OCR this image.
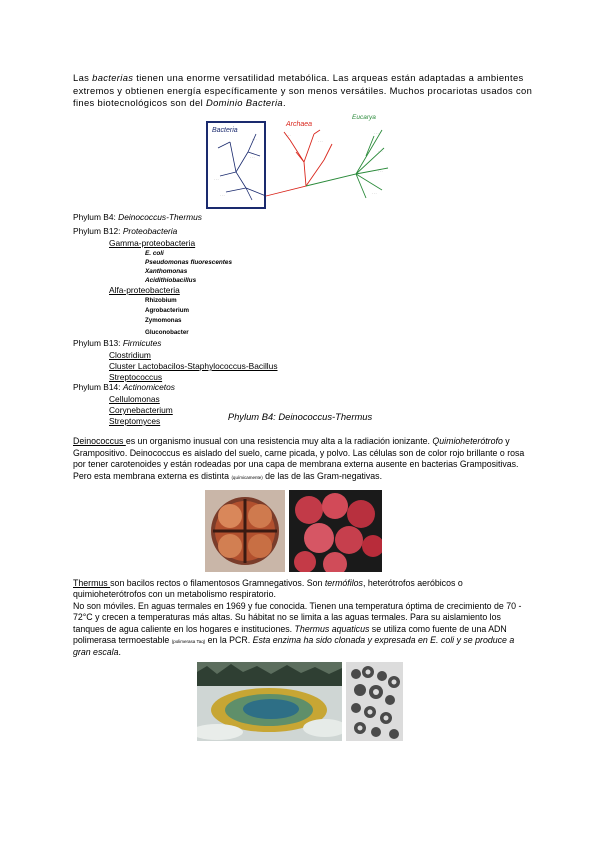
Las bacterias tienen una enorme versatilidad metabólica. Las arqueas están adaptadas a ambientes extremos y obtienen energía específicamente y son menos versátiles. Muchos procariotas usados con fines biotecnológicos son del Dominio Bacteria.
Bacteria
Archaea
Eucarya
. . .
. . .
. . .
. . .
. . .
. . .
. . .
. . .
. . .
. . .
Phylum B4: Deinococcus-Thermus
Phylum B12: Proteobacteria
Gamma-proteobacteria
E. coli
Pseudomonas fluorescentes
Xanthomonas
Acidithiobacillus
Alfa-proteobacteria
Rhizobium
Agrobacterium
Zymomonas
Gluconobacter
Phylum B13: Firmicutes
Clostridium
Cluster Lactobacilos-Staphylococcus-Bacillus
Streptococcus
Phylum B14: Actinomicetos
Cellulomonas
Corynebacterium
Streptomyces	Phylum B4: Deinococcus-Thermus
Deinococcus es un organismo inusual con una resistencia muy alta a la radiación ionizante. Quimioheterótrofo y Grampositivo. Deinococcus es aislado del suelo, carne picada, y polvo. Las células son de color rojo brillante o rosa por tener carotenoides y están rodeadas por una capa de membrana externa ausente en bacterias Grampositivas. Pero esta membrana externa es distinta (químicamente) de las de las Gram-negativas.
Thermus son bacilos rectos o filamentosos Gramnegativos. Son termófilos, heterótrofos aeróbicos o quimioheterótrofos con un metabolismo respiratorio.
No son móviles. En aguas termales en 1969 y fue conocida. Tienen una temperatura óptima de crecimiento de 70 - 72°C y crecen a temperaturas más altas. Su hábitat no se limita a las aguas termales. Para su aislamiento los tanques de agua caliente en los hogares e instituciones. Thermus aquaticus se utiliza como fuente de una ADN polimerasa termoestable (polimerasa Taq) en la PCR. Esta enzima ha sido clonada y expresada en E. coli y se produce a gran escala.
